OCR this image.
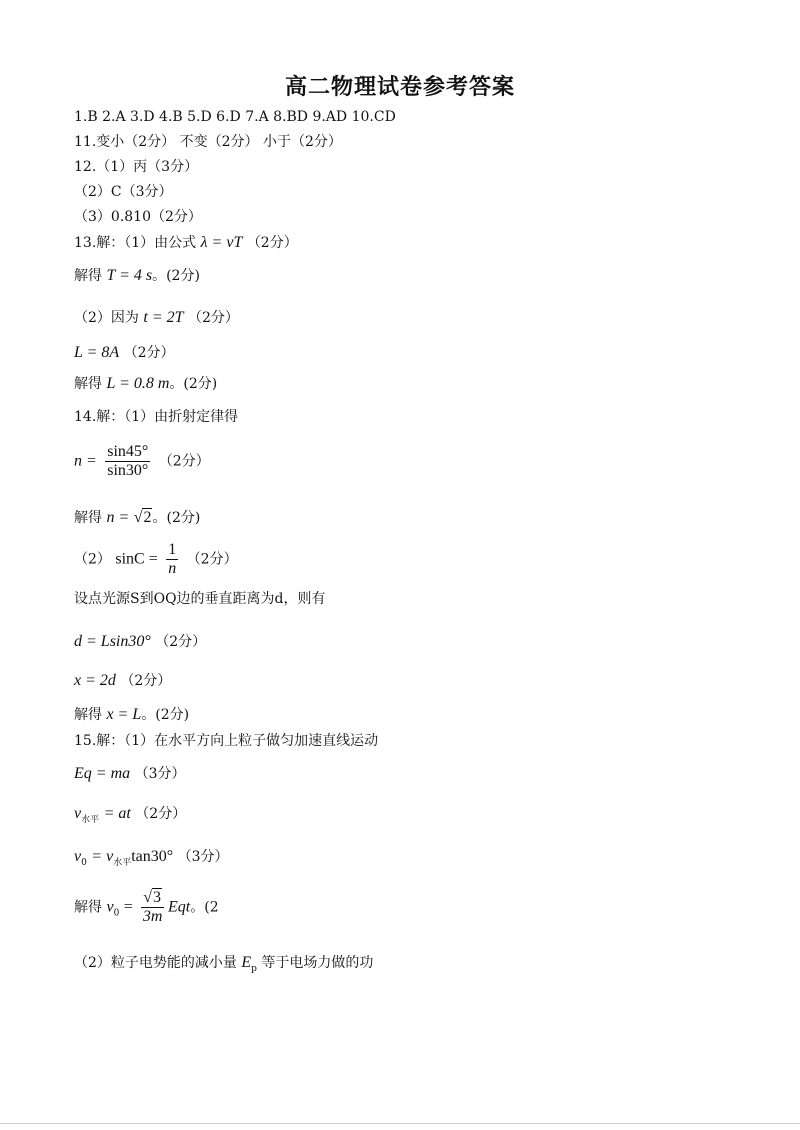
高二物理试卷参考答案
1.B 2.A 3.D 4.B 5.D 6.D 7.A 8.BD 9.AD 10.CD
11.变小（2分） 不变（2分） 小于（2分）
12.（1）丙（3分）
（2）C（3分）
（3）0.810（2分）
13.解：（1）由公式 λ = vT （2分）
解得 T = 4 s。(2分)
（2）因为 t = 2T （2分）
L = 8A （2分）
解得 L = 0.8 m。(2分)
14.解：（1）由折射定律得
$n = \frac{\sin 45^\circ}{\sin 30^\circ} (2$分）
解得 n = √2。(2分)
（2） $\sin C = \frac{1}{n} (2$分）
设点光源S到OQ边的垂直距离为d，则有
d = Lsin30° （2分）
x = 2d （2分）
解得 x = L。(2分)
15.解：（1）在水平方向上粒子做匀加速直线运动
Eq = ma （3分）
$v_{水平}$ = at （2分）
$v_0 = v_{水平}\tan 30^\circ$ （3分）
解得 $v_0 = \frac{√3}{3m}$ Eqt。(2
（2）粒子电势能的减小量 $E_p$ 等于电场力做的功
